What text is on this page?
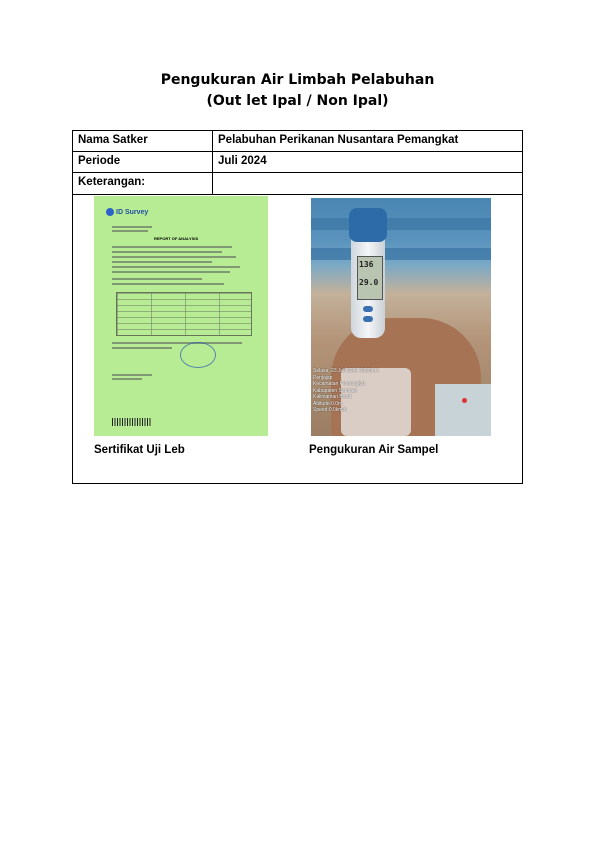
Pengukuran Air Limbah Pelabuhan
(Out let Ipal / Non Ipal)
Nama Satker	Pelabuhan Perikanan Nusantara Pemangkat
Periode	Juli 2024
Keterangan:
ID Survey
REPORT OF ANALYSIS
136
29.0
Selasa, 23 Juli 2024 08:55:44
Penjajap
Kecamatan Pemangkat
Kabupaten Sambas
Kalimantan Barat
Altitude:0.0m
Speed:0.0km/h
Sertifikat Uji Leb	Pengukuran Air Sampel
